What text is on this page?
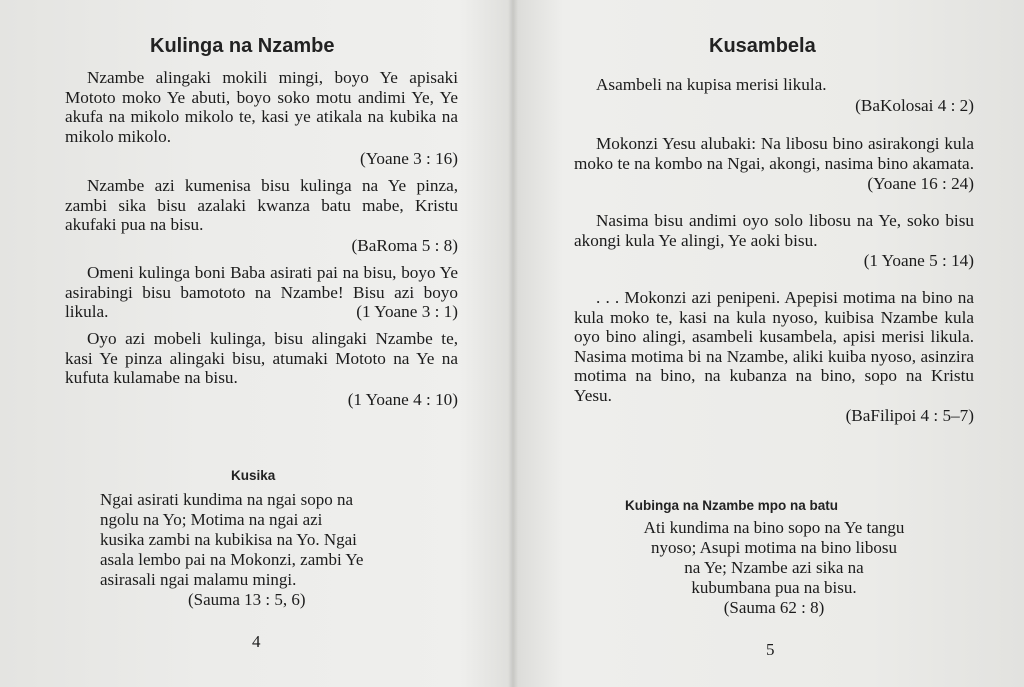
Kulinga na Nzambe
Nzambe alingaki mokili mingi, boyo Ye apisaki Mototo moko Ye abuti, boyo soko motu andimi Ye, Ye akufa na mikolo mikolo te, kasi ye atikala na kubika na mikolo mikolo.
(Yoane 3 : 16)
Nzambe azi kumenisa bisu kulinga na Ye pinza, zambi sika bisu azalaki kwanza batu mabe, Kristu akufaki pua na bisu.
(BaRoma 5 : 8)
Omeni kulinga boni Baba asirati pai na bisu, boyo Ye asirabingi bisu bamototo na Nzambe! Bisu azi boyo likula.	(1 Yoane 3 : 1)
Oyo azi mobeli kulinga, bisu alingaki Nzambe te, kasi Ye pinza alingaki bisu, atumaki Mototo na Ye na kufuta kulamabe na bisu.
(1 Yoane 4 : 10)
Kusika
Ngai asirati kundima na ngai sopo na
ngolu na Yo; Motima na ngai azi
kusika zambi na kubikisa na Yo. Ngai
asala lembo pai na Mokonzi, zambi Ye
asirasali ngai malamu mingi.
(Sauma 13 : 5, 6)
4
Kusambela
Asambeli na kupisa merisi likula.
(BaKolosai 4 : 2)
Mokonzi Yesu alubaki: Na libosu bino asirakongi kula moko te na kombo na Ngai, akongi, nasima bino akamata.
(Yoane 16 : 24)
Nasima bisu andimi oyo solo libosu na Ye, soko bisu akongi kula Ye alingi, Ye aoki bisu.
(1 Yoane 5 : 14)
. . . Mokonzi azi penipeni. Apepisi motima na bino na kula moko te, kasi na kula nyoso, kuibisa Nzambe kula oyo bino alingi, asambeli kusambela, apisi merisi likula. Nasima motima bi na Nzambe, aliki kuiba nyoso, asinzira motima na bino, na kubanza na bino, sopo na Kristu Yesu.
(BaFilipoi 4 : 5–7)
Kubinga na Nzambe mpo na batu
Ati kundima na bino sopo na Ye tangu
nyoso; Asupi motima na bino libosu
na Ye; Nzambe azi sika na
kubumbana pua na bisu.
(Sauma 62 : 8)
5
